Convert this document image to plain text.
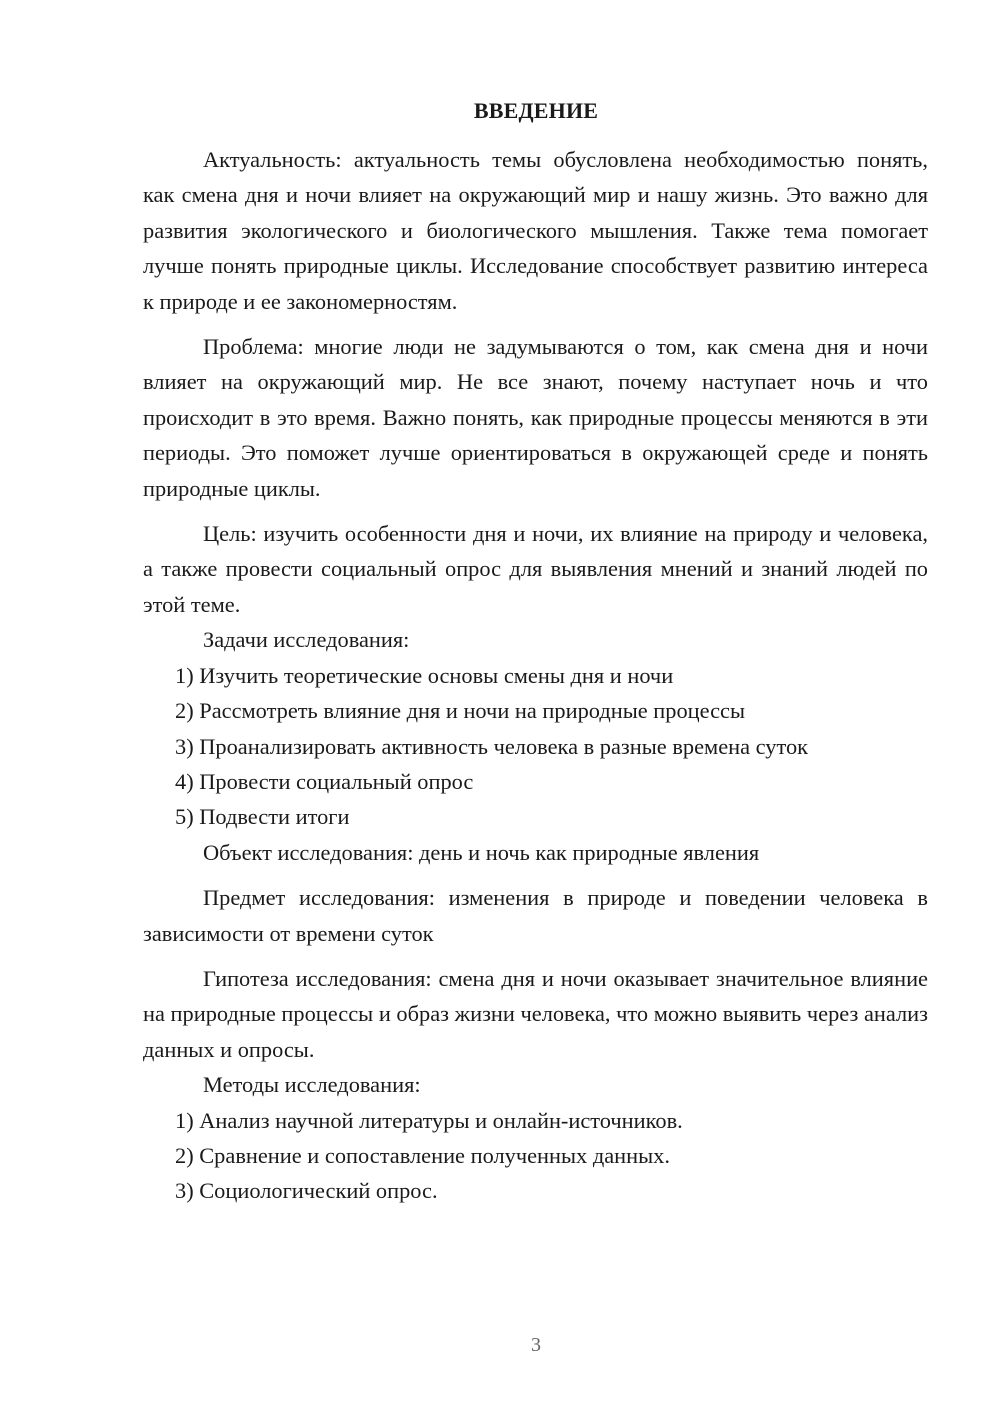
ВВЕДЕНИЕ

Актуальность: актуальность темы обусловлена необходимостью понять, как смена дня и ночи влияет на окружающий мир и нашу жизнь. Это важно для развития экологического и биологического мышления. Также тема помогает лучше понять природные циклы. Исследование способствует развитию интереса к природе и ее закономерностям.

Проблема: многие люди не задумываются о том, как смена дня и ночи влияет на окружающий мир. Не все знают, почему наступает ночь и что происходит в это время. Важно понять, как природные процессы меняются в эти периоды. Это поможет лучше ориентироваться в окружающей среде и понять природные циклы.

Цель: изучить особенности дня и ночи, их влияние на природу и человека, а также провести социальный опрос для выявления мнений и знаний людей по этой теме.

Задачи исследования:

1) Изучить теоретические основы смены дня и ночи

2) Рассмотреть влияние дня и ночи на природные процессы

3) Проанализировать активность человека в разные времена суток

4) Провести социальный опрос

5) Подвести итоги

Объект исследования: день и ночь как природные явления

Предмет исследования: изменения в природе и поведении человека в зависимости от времени суток

Гипотеза исследования: смена дня и ночи оказывает значительное влияние на природные процессы и образ жизни человека, что можно выявить через анализ данных и опросы.

Методы исследования:

1) Анализ научной литературы и онлайн-источников.

2) Сравнение и сопоставление полученных данных.

3) Социологический опрос.

3
